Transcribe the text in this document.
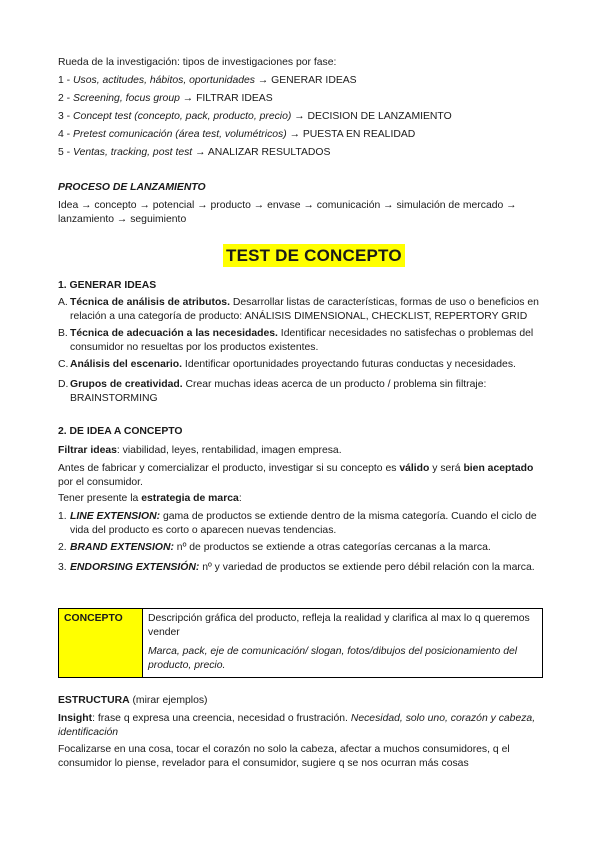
Rueda de la investigación: tipos de investigaciones por fase:
1 - Usos, actitudes, hábitos, oportunidades → GENERAR IDEAS
2 - Screening, focus group → FILTRAR IDEAS
3 - Concept test (concepto, pack, producto, precio) → DECISION DE LANZAMIENTO
4 - Pretest comunicación (área test, volumétricos) → PUESTA EN REALIDAD
5 - Ventas, tracking, post test → ANALIZAR RESULTADOS
PROCESO DE LANZAMIENTO
Idea → concepto → potencial → producto → envase → comunicación → simulación de mercado →
lanzamiento → seguimiento
TEST DE CONCEPTO
1. GENERAR IDEAS
A. Técnica de análisis de atributos. Desarrollar listas de características, formas de uso o beneficios en relación a una categoría de producto: ANÁLISIS DIMENSIONAL, CHECKLIST, REPERTORY GRID
B. Técnica de adecuación a las necesidades. Identificar necesidades no satisfechas o problemas del consumidor no resueltas por los productos existentes.
C. Análisis del escenario. Identificar oportunidades proyectando futuras conductas y necesidades.
D. Grupos de creatividad. Crear muchas ideas acerca de un producto / problema sin filtraje: BRAINSTORMING
2. DE IDEA A CONCEPTO
Filtrar ideas: viabilidad, leyes, rentabilidad, imagen empresa.
Antes de fabricar y comercializar el producto, investigar si su concepto es válido y será bien aceptado por el consumidor.
Tener presente la estrategia de marca:
1. LINE EXTENSION: gama de productos se extiende dentro de la misma categoría. Cuando el ciclo de vida del producto es corto o aparecen nuevas tendencias.
2. BRAND EXTENSION: nº de productos se extiende a otras categorías cercanas a la marca.
3. ENDORSING EXTENSIÓN: nº y variedad de productos se extiende pero débil relación con la marca.
CONCEPTO	Descripción gráfica del producto, refleja la realidad y clarifica al max lo q queremos vender

Marca, pack, eje de comunicación/ slogan, fotos/dibujos del posicionamiento del producto, precio.

ESTRUCTURA (mirar ejemplos)
Insight: frase q expresa una creencia, necesidad o frustración. Necesidad, solo uno, corazón y cabeza, identificación
Focalizarse en una cosa, tocar el corazón no solo la cabeza, afectar a muchos consumidores, q el consumidor lo piense, revelador para el consumidor, sugiere q se nos ocurran más cosas
